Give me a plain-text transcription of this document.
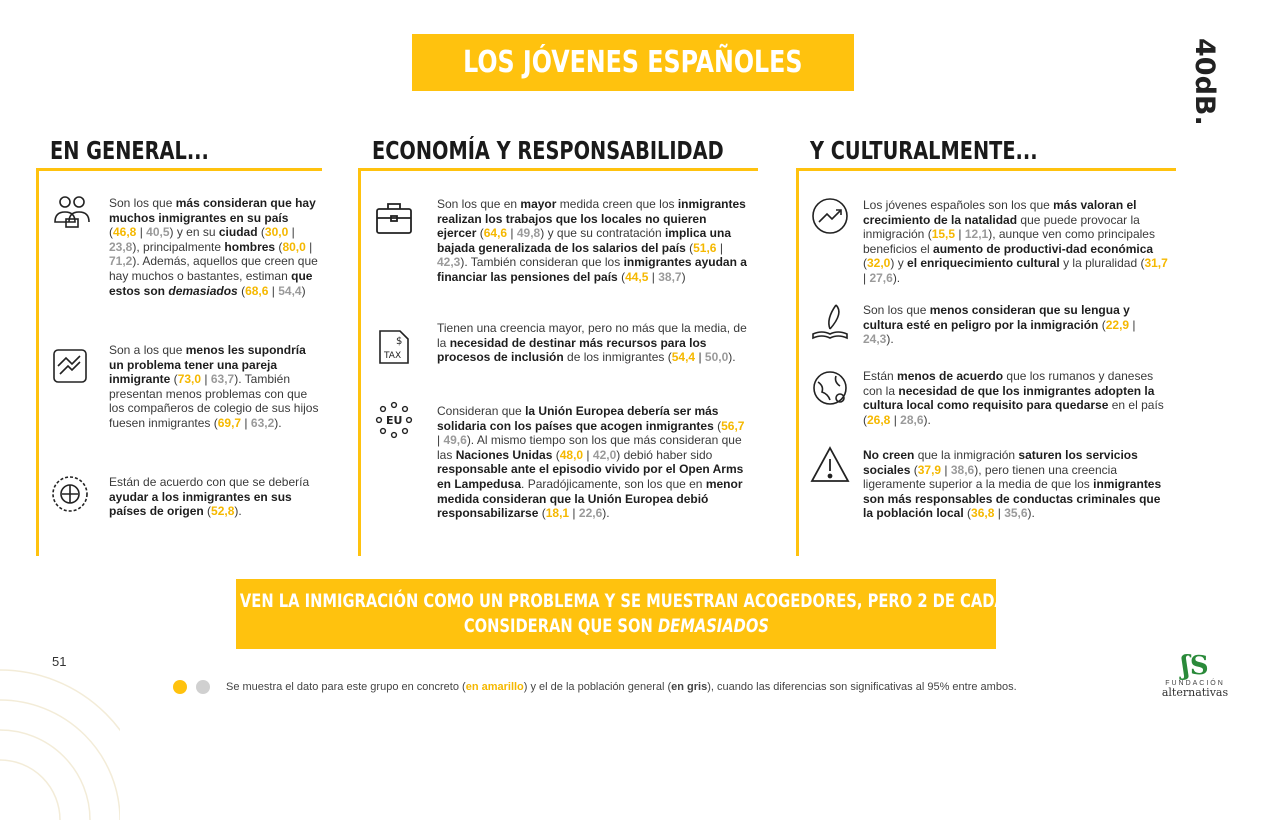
LOS JÓVENES ESPAÑOLES	40dB.
EN GENERAL...
Son los que más consideran que hay muchos inmigrantes en su país (46,8 | 40,5) y en su ciudad (30,0 | 23,8), principalmente hombres (80,0 | 71,2). Además, aquellos que creen que hay muchos o bastantes, estiman que estos son demasiados (68,6 | 54,4)
Son a los que menos les supondría un problema tener una pareja inmigrante (73,0 | 63,7). También presentan menos problemas con que los compañeros de colegio de sus hijos fuesen inmigrantes (69,7 | 63,2).
Están de acuerdo con que se debería ayudar a los inmigrantes en sus países de origen (52,8).
ECONOMÍA Y RESPONSABILIDAD
Son los que en mayor medida creen que los inmigrantes realizan los trabajos que los locales no quieren ejercer (64,6 | 49,8) y que su contratación implica una bajada generalizada de los salarios del país (51,6 | 42,3). También consideran que los inmigrantes ayudan a financiar las pensiones del país (44,5 | 38,7)
TAX
$
Tienen una creencia mayor, pero no más que la media, de la necesidad de destinar más recursos para los procesos de inclusión de los inmigrantes (54,4 | 50,0).
EU
Consideran que la Unión Europea debería ser más solidaria con los países que acogen inmigrantes (56,7 | 49,6). Al mismo tiempo son los que más consideran que las Naciones Unidas (48,0 | 42,0) debió haber sido responsable ante el episodio vivido por el Open Arms en Lampedusa. Paradójicamente, son los que en menor medida consideran que la Unión Europea debió responsabilizarse (18,1 | 22,6).
Y CULTURALMENTE...
Los jóvenes españoles son los que más valoran el crecimiento de la natalidad que puede provocar la inmigración (15,5 | 12,1), aunque ven como principales beneficios el aumento de productivi-dad económica (32,0) y el enriquecimiento cultural y la pluralidad (31,7 | 27,6).
Son los que menos consideran que su lengua y cultura esté en peligro por la inmigración (22,9 | 24,3).
Están menos de acuerdo que los rumanos y daneses con la necesidad de que los inmigrantes adopten la cultura local como requisito para quedarse en el país (26,8 | 28,6).
No creen que la inmigración saturen los servicios sociales (37,9 | 38,6), pero tienen una creencia ligeramente superior a la media de que los inmigrantes son más responsables de conductas criminales que la población local (36,8 | 35,6).
NO VEN LA INMIGRACIÓN COMO UN PROBLEMA Y SE MUESTRAN ACOGEDORES, PERO 2 DE CADA 3
CONSIDERAN QUE SON DEMASIADOS
51
Se muestra el dato para este grupo en concreto (en amarillo) y el de la población general (en gris), cuando las diferencias son significativas al 95% entre ambos.
ʃS
FUNDACIÓN
alternativas
